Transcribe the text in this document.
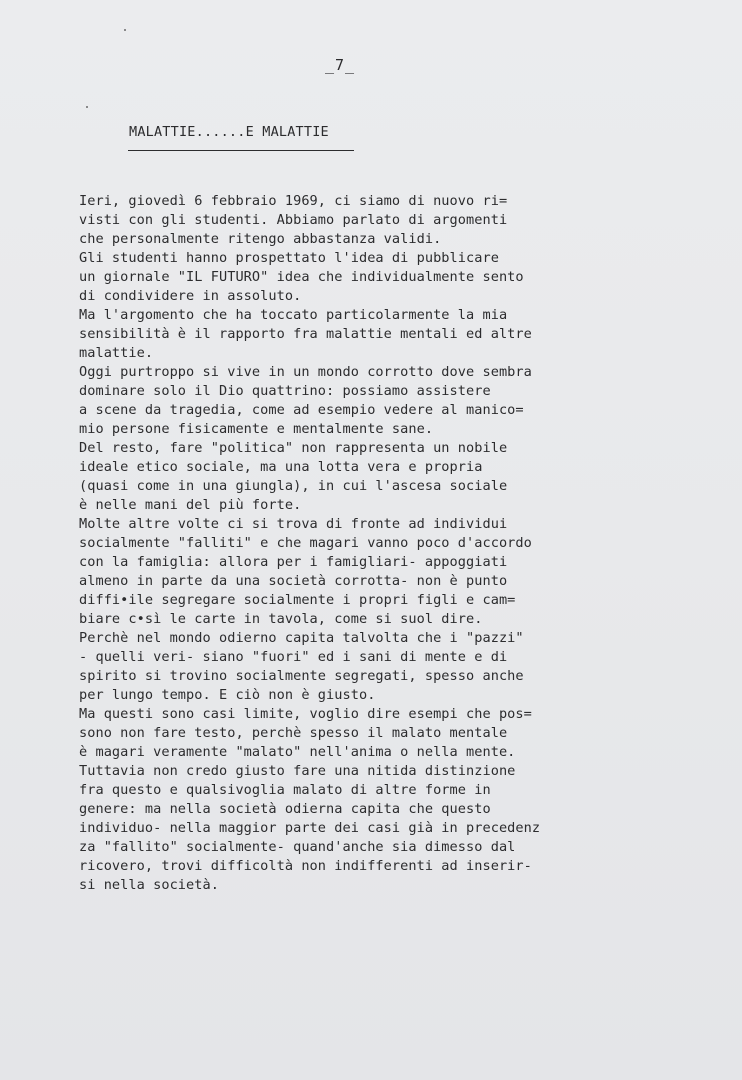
_7_
MALATTIE......E MALATTIE
Ieri, giovedì 6 febbraio 1969, ci siamo di nuovo ri=
visti con gli studenti. Abbiamo parlato di argomenti
che personalmente ritengo abbastanza validi.
Gli studenti hanno prospettato l'idea di pubblicare
un giornale "IL FUTURO" idea che individualmente sento
di condividere in assoluto.
Ma l'argomento che ha toccato particolarmente la mia
sensibilità è il rapporto fra malattie mentali ed altre
malattie.
Oggi purtroppo si vive in un mondo corrotto dove sembra
dominare solo il Dio quattrino: possiamo assistere
a scene da tragedia, come ad esempio vedere al manico=
mio persone fisicamente e mentalmente sane.
Del resto, fare "politica" non rappresenta un nobile
ideale etico sociale, ma una lotta vera e propria
(quasi come in una giungla), in cui l'ascesa sociale
è nelle mani del più forte.
Molte altre volte ci si trova di fronte ad individui
socialmente "falliti" e che magari vanno poco d'accordo
con la famiglia: allora per i famigliari- appoggiati
almeno in parte da una società corrotta- non è punto
diffi•ile segregare socialmente i propri figli e cam=
biare c•sì le carte in tavola, come si suol dire.
Perchè nel mondo odierno capita talvolta che i "pazzi"
- quelli veri- siano "fuori" ed i sani di mente e di
spirito si trovino socialmente segregati, spesso anche
per lungo tempo. E ciò non è giusto.
Ma questi sono casi limite, voglio dire esempi che pos=
sono non fare testo, perchè spesso il malato mentale
è magari veramente "malato" nell'anima o nella mente.
Tuttavia non credo giusto fare una nitida distinzione
fra questo e qualsivoglia malato di altre forme in
genere: ma nella società odierna capita che questo
individuo- nella maggior parte dei casi già in precedenz
za "fallito" socialmente- quand'anche sia dimesso dal
ricovero, trovi difficoltà non indifferenti ad inserir-
si nella società.
